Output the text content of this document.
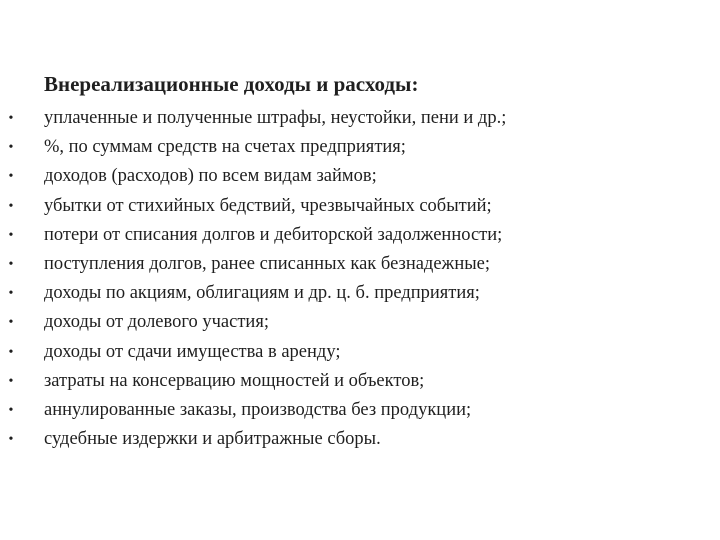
Внереализационные доходы и расходы:
• уплаченные и полученные штрафы, неустойки, пени и др.;
• %, по суммам средств на счетах предприятия;
• доходов (расходов) по всем видам займов;
• убытки от стихийных бедствий, чрезвычайных событий;
• потери от списания долгов и дебиторской задолженности;
• поступления долгов, ранее списанных как безнадежные;
• доходы по акциям, облигациям и др. ц. б. предприятия;
• доходы от долевого участия;
• доходы от сдачи имущества в аренду;
• затраты на консервацию мощностей и объектов;
• аннулированные заказы, производства без продукции;
• судебные издержки и арбитражные сборы.
